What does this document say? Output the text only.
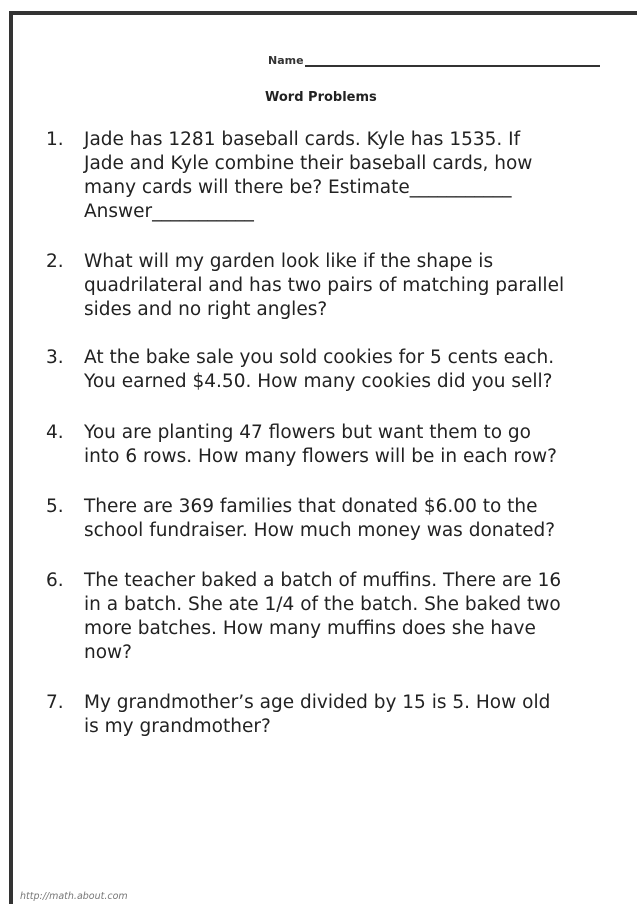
Name
Word Problems
1. Jade has 1281 baseball cards. Kyle has 1535. If
Jade and Kyle combine their baseball cards, how
many cards will there be? Estimate___________
Answer___________
2. What will my garden look like if the shape is
quadrilateral and has two pairs of matching parallel
sides and no right angles?
3. At the bake sale you sold cookies for 5 cents each.
You earned $4.50. How many cookies did you sell?
4. You are planting 47 flowers but want them to go
into 6 rows. How many flowers will be in each row?
5. There are 369 families that donated $6.00 to the
school fundraiser. How much money was donated?
6. The teacher baked a batch of muffins. There are 16
in a batch. She ate 1/4 of the batch. She baked two
more batches. How many muffins does she have
now?
7. My grandmother’s age divided by 15 is 5. How old
is my grandmother?
http://math.about.com
